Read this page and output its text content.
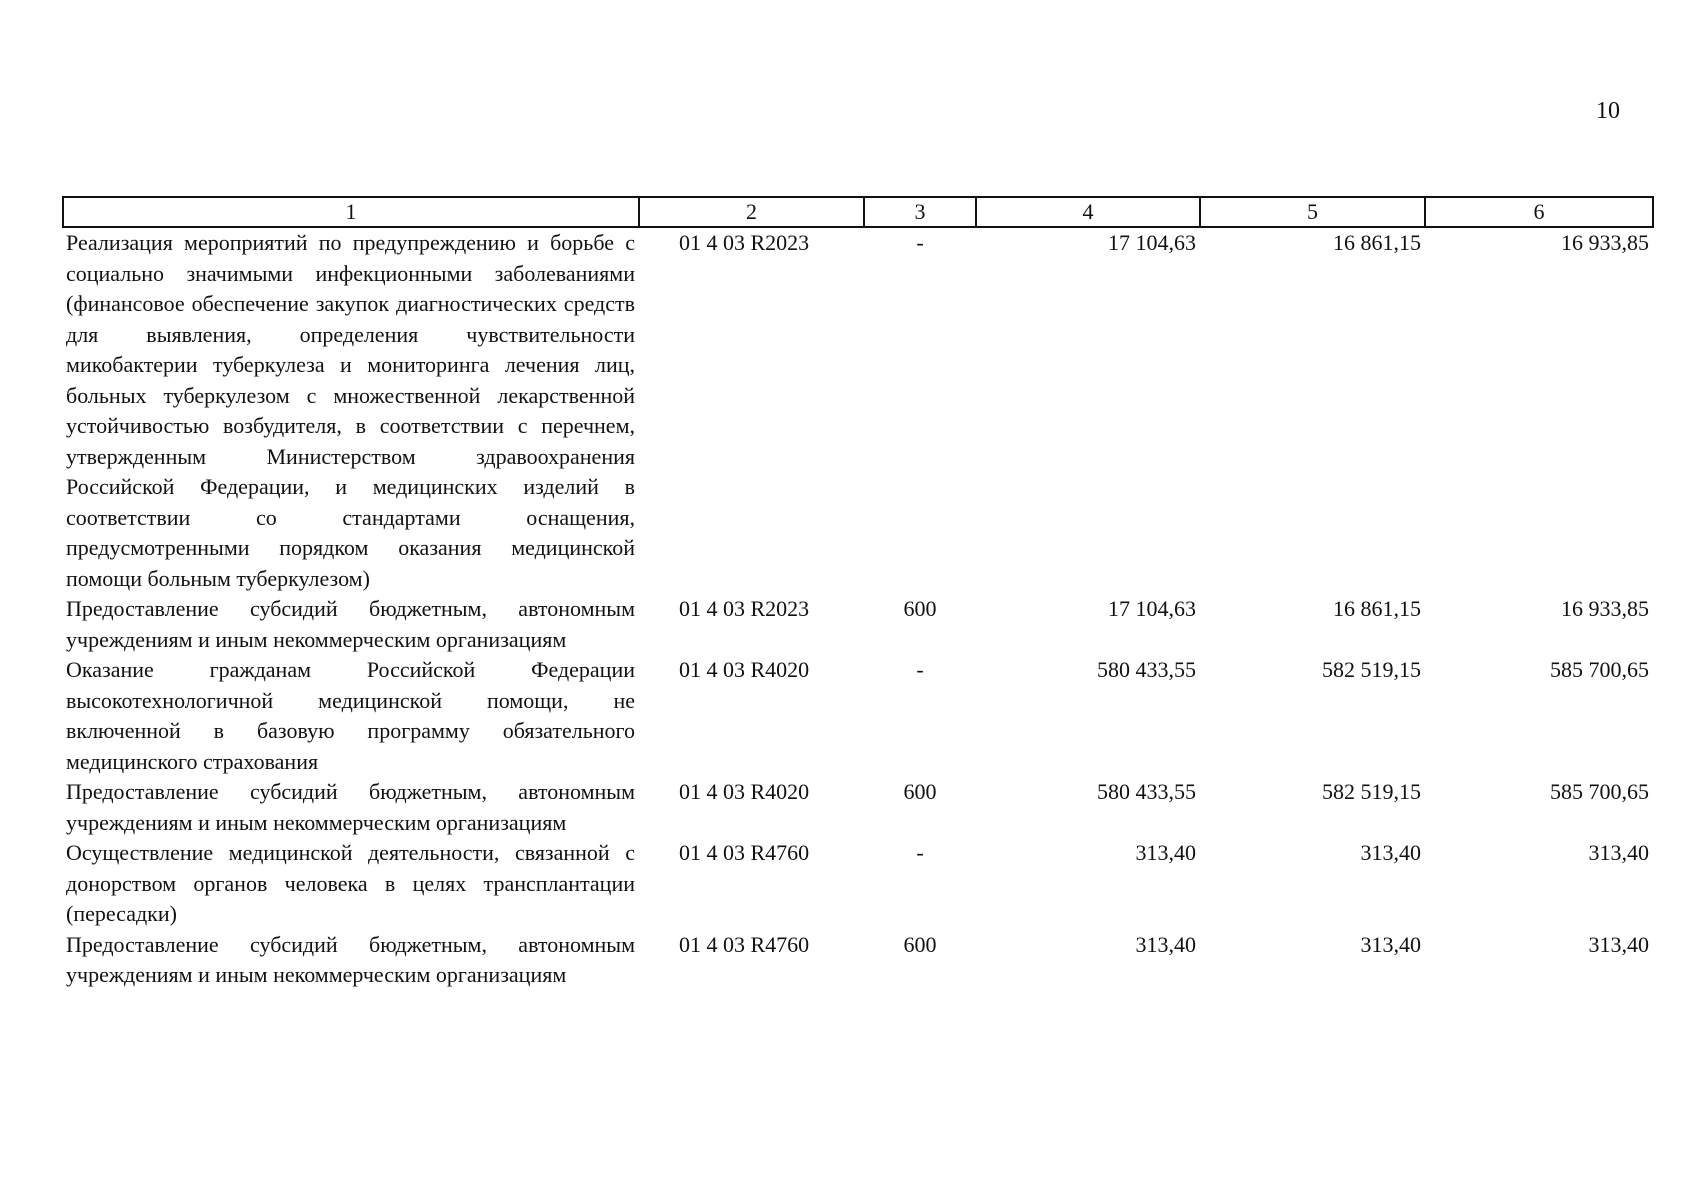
10
1	2	3	4	5	6
Реализация мероприятий по предупреждению и борьбе с социально значимыми инфекционными заболеваниями (финансовое обеспечение закупок диагностических средств для выявления, определения чувствительности микобактерии туберкулеза и мониторинга лечения лиц, больных туберкулезом с множественной лекарственной устойчивостью возбудителя, в соответствии с перечнем, утвержденным Министерством здравоохранения Российской Федерации, и медицинских изделий в соответствии со стандартами оснащения, предусмотренными порядком оказания медицинской помощи больным туберкулезом)	01 4 03 R2023	-	17 104,63	16 861,15	16 933,85
Предоставление субсидий бюджетным, автономным учреждениям и иным некоммерческим организациям	01 4 03 R2023	600	17 104,63	16 861,15	16 933,85
Оказание гражданам Российской Федерации высокотехнологичной медицинской помощи, не включенной в базовую программу обязательного медицинского страхования	01 4 03 R4020	-	580 433,55	582 519,15	585 700,65
Предоставление субсидий бюджетным, автономным учреждениям и иным некоммерческим организациям	01 4 03 R4020	600	580 433,55	582 519,15	585 700,65
Осуществление медицинской деятельности, связанной с донорством органов человека в целях трансплантации (пересадки)	01 4 03 R4760	-	313,40	313,40	313,40
Предоставление субсидий бюджетным, автономным учреждениям и иным некоммерческим организациям	01 4 03 R4760	600	313,40	313,40	313,40
